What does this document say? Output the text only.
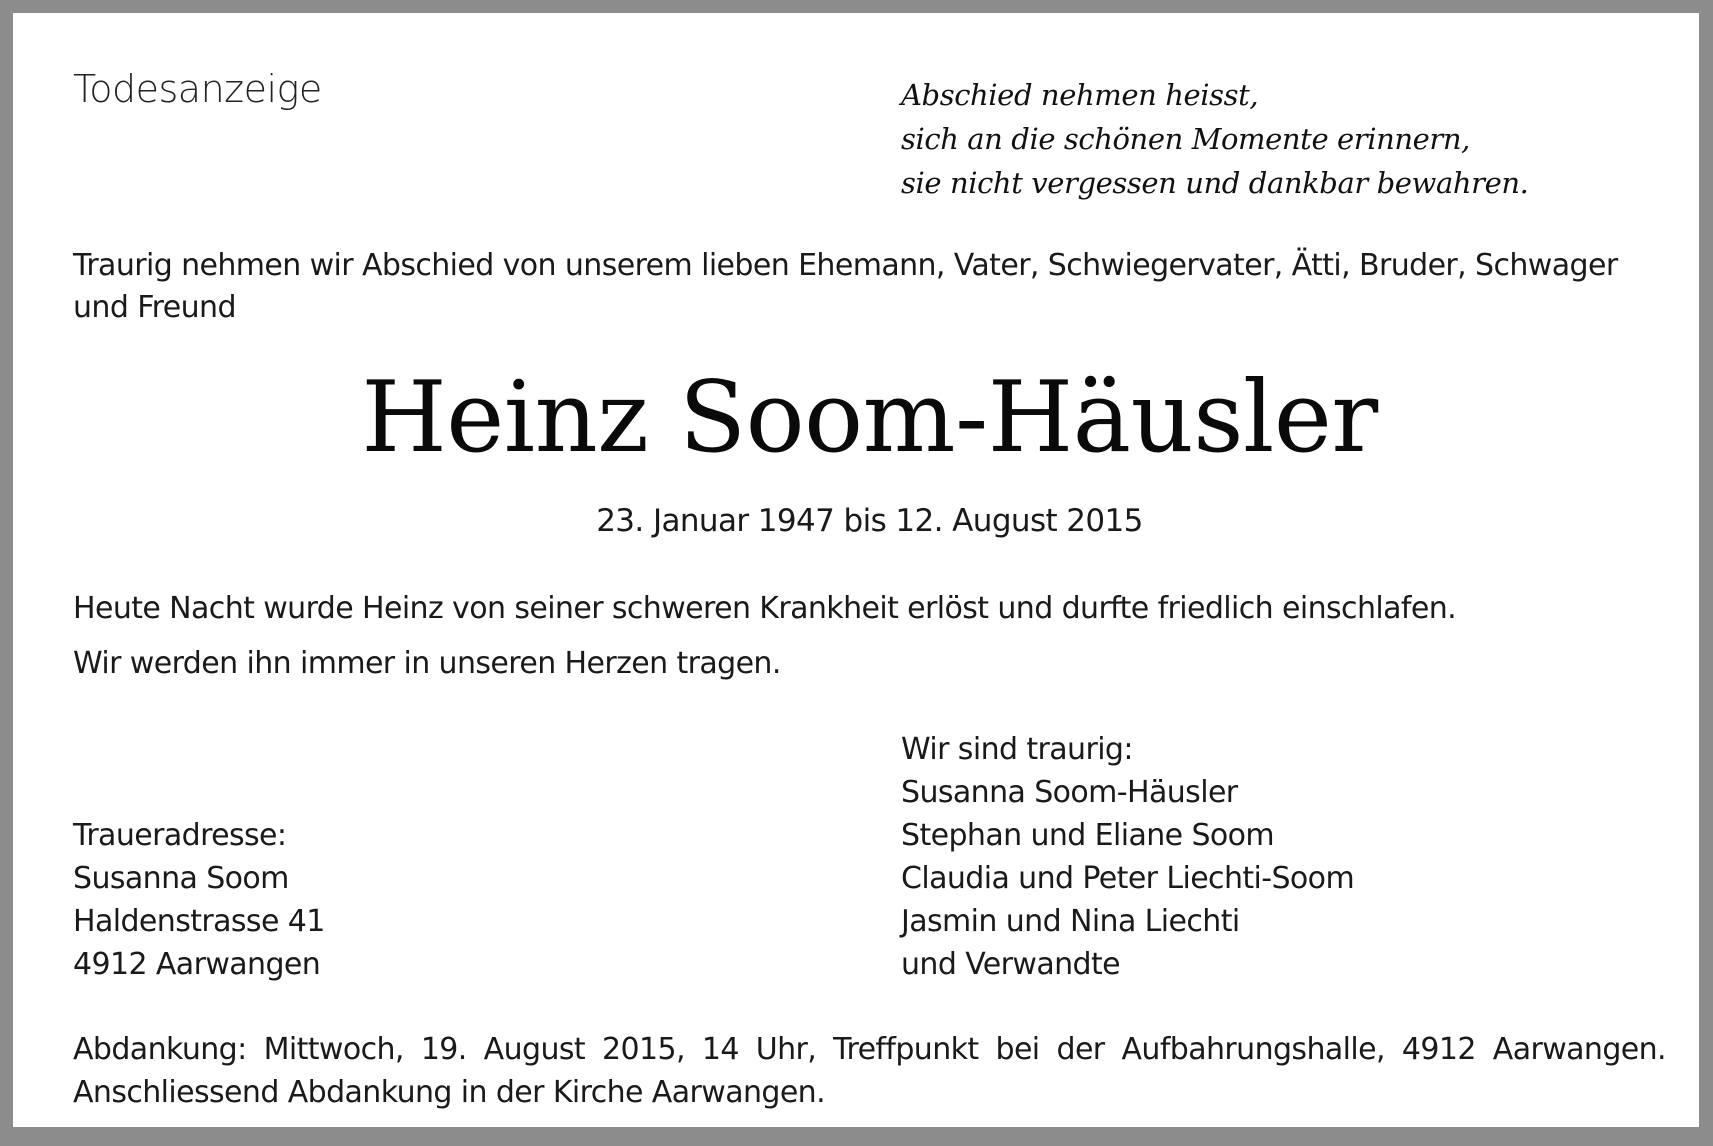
Todesanzeige	Abschied nehmen heisst,
sich an die schönen Momente erinnern,
sie nicht vergessen und dankbar bewahren.
Traurig nehmen wir Abschied von unserem lieben Ehemann, Vater, Schwiegervater, Ätti, Bruder, Schwager und Freund
Heinz Soom-Häusler
23. Januar 1947 bis 12. August 2015
Heute Nacht wurde Heinz von seiner schweren Krankheit erlöst und durfte friedlich einschlafen.
Wir werden ihn immer in unseren Herzen tragen.
Traueradresse:
Susanna Soom
Haldenstrasse 41
4912 Aarwangen
Wir sind traurig:
Susanna Soom-Häusler
Stephan und Eliane Soom
Claudia und Peter Liechti-Soom
Jasmin und Nina Liechti
und Verwandte
Abdankung: Mittwoch, 19. August 2015, 14 Uhr, Treffpunkt bei der Aufbahrungshalle, 4912 Aarwangen. Anschliessend Abdankung in der Kirche Aarwangen.
